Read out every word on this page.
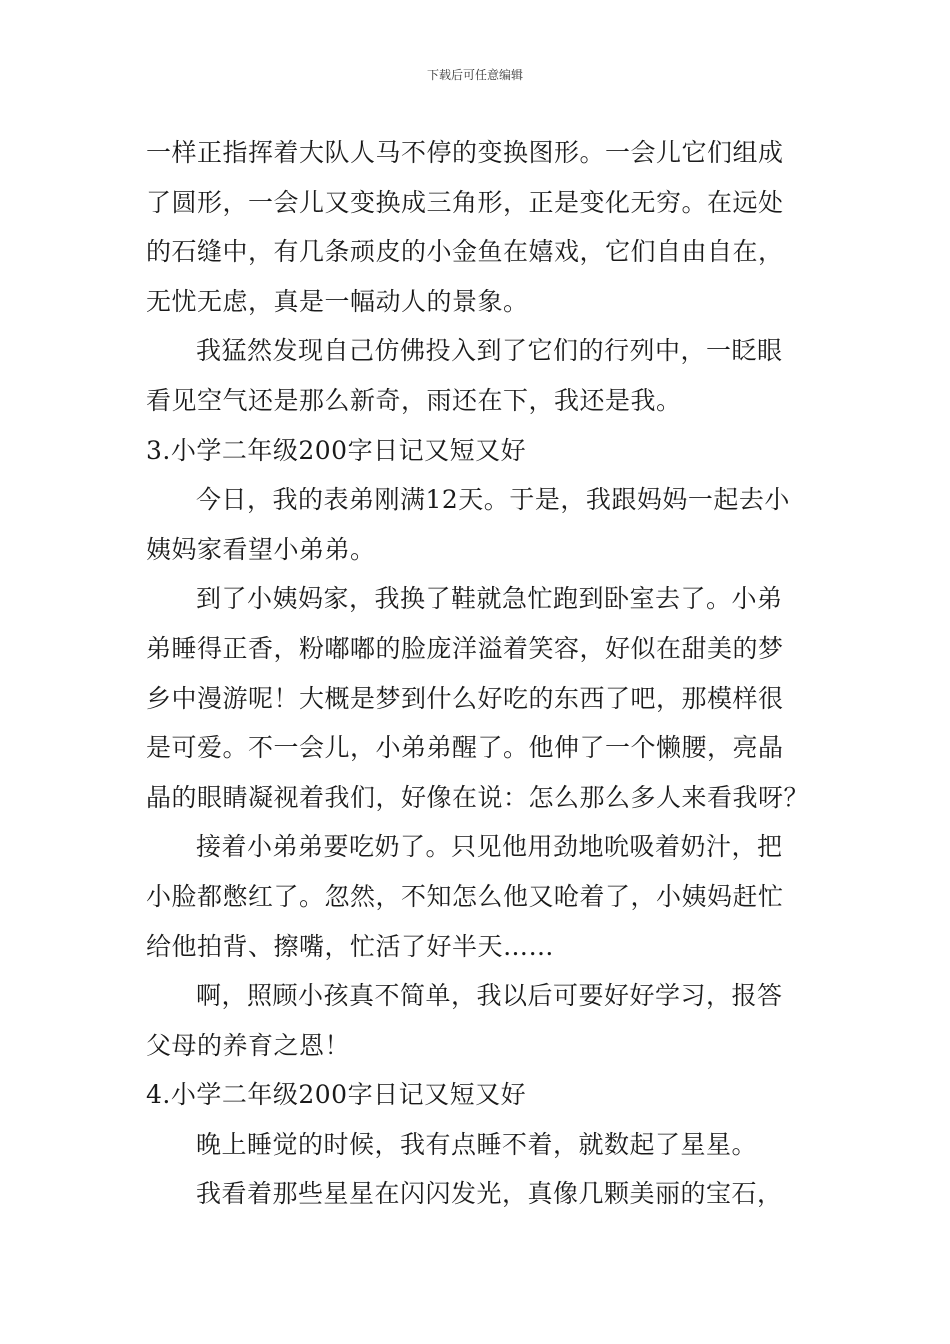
下载后可任意编辑
一样正指挥着大队人马不停的变换图形。一会儿它们组成
了圆形，一会儿又变换成三角形，正是变化无穷。在远处
的石缝中，有几条顽皮的小金鱼在嬉戏，它们自由自在，
无忧无虑，真是一幅动人的景象。
我猛然发现自己仿佛投入到了它们的行列中，一眨眼
看见空气还是那么新奇，雨还在下，我还是我。
3.小学二年级200字日记又短又好
今日，我的表弟刚满12天。于是，我跟妈妈一起去小
姨妈家看望小弟弟。
到了小姨妈家，我换了鞋就急忙跑到卧室去了。小弟
弟睡得正香，粉嘟嘟的脸庞洋溢着笑容，好似在甜美的梦
乡中漫游呢！大概是梦到什么好吃的东西了吧，那模样很
是可爱。不一会儿，小弟弟醒了。他伸了一个懒腰，亮晶
晶的眼睛凝视着我们，好像在说：怎么那么多人来看我呀？
接着小弟弟要吃奶了。只见他用劲地吮吸着奶汁，把
小脸都憋红了。忽然，不知怎么他又呛着了，小姨妈赶忙
给他拍背、擦嘴，忙活了好半天……
啊，照顾小孩真不简单，我以后可要好好学习，报答
父母的养育之恩！
4.小学二年级200字日记又短又好
晚上睡觉的时候，我有点睡不着，就数起了星星。
我看着那些星星在闪闪发光，真像几颗美丽的宝石，
